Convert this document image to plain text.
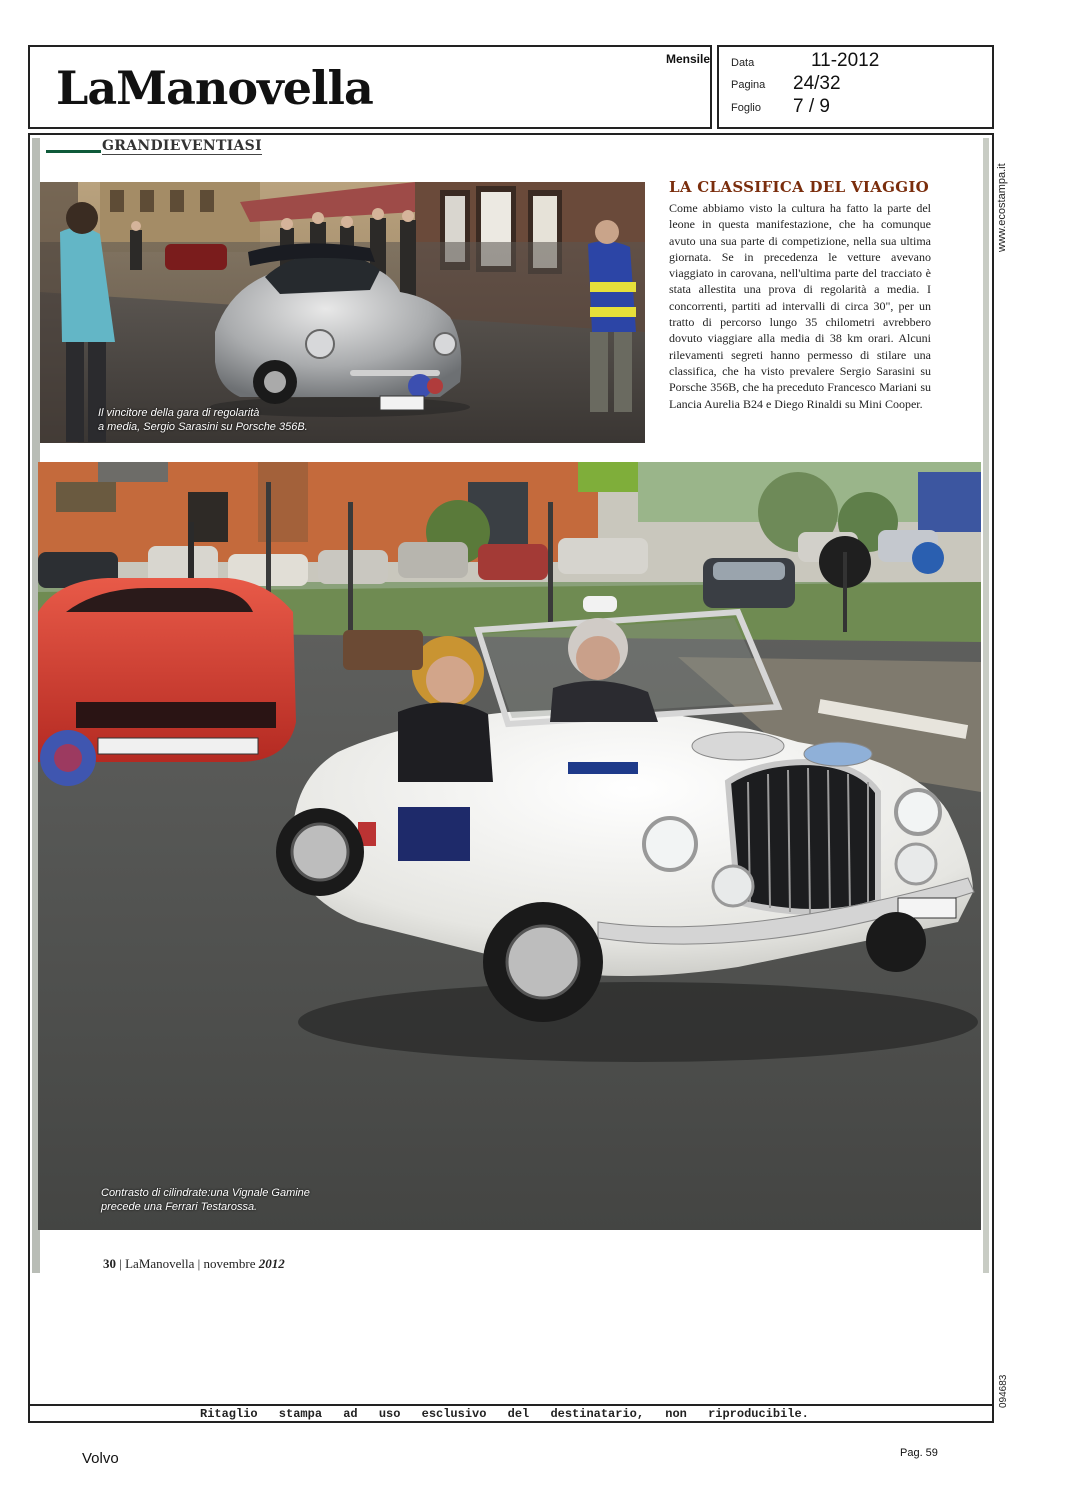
LaManovella
Mensile Data	11-2012
Pagina 24/32
Foglio 7 / 9
GRANDIEVENTIASI
Il vincitore della gara di regolarità
a media, Sergio Sarasini su Porsche 356B.
LA CLASSIFICA DEL VIAGGIO
Come abbiamo visto la cultura ha fatto la parte del leone in questa manifestazione, che ha comunque avuto una sua parte di competizione, nella sua ultima giornata. Se in precedenza le vetture avevano viaggiato in carovana, nell'ultima parte del tracciato è stata allestita una prova di regolarità a media. I concorrenti, partiti ad intervalli di circa 30", per un tratto di percorso lungo 35 chilometri avrebbero dovuto viaggiare alla media di 38 km orari. Alcuni rilevamenti segreti hanno permesso di stilare una classifica, che ha visto prevalere Sergio Sarasini su Porsche 356B, che ha preceduto Francesco Mariani su Lancia Aurelia B24 e Diego Rinaldi su Mini Cooper.
Contrasto di cilindrate:una Vignale Gamine
precede una Ferrari Testarossa.
30 | LaManovella | novembre 2012
Ritaglio stampa ad uso esclusivo del destinatario, non riproducibile.
www.ecostampa.it
094683
Volvo	Pag. 59
